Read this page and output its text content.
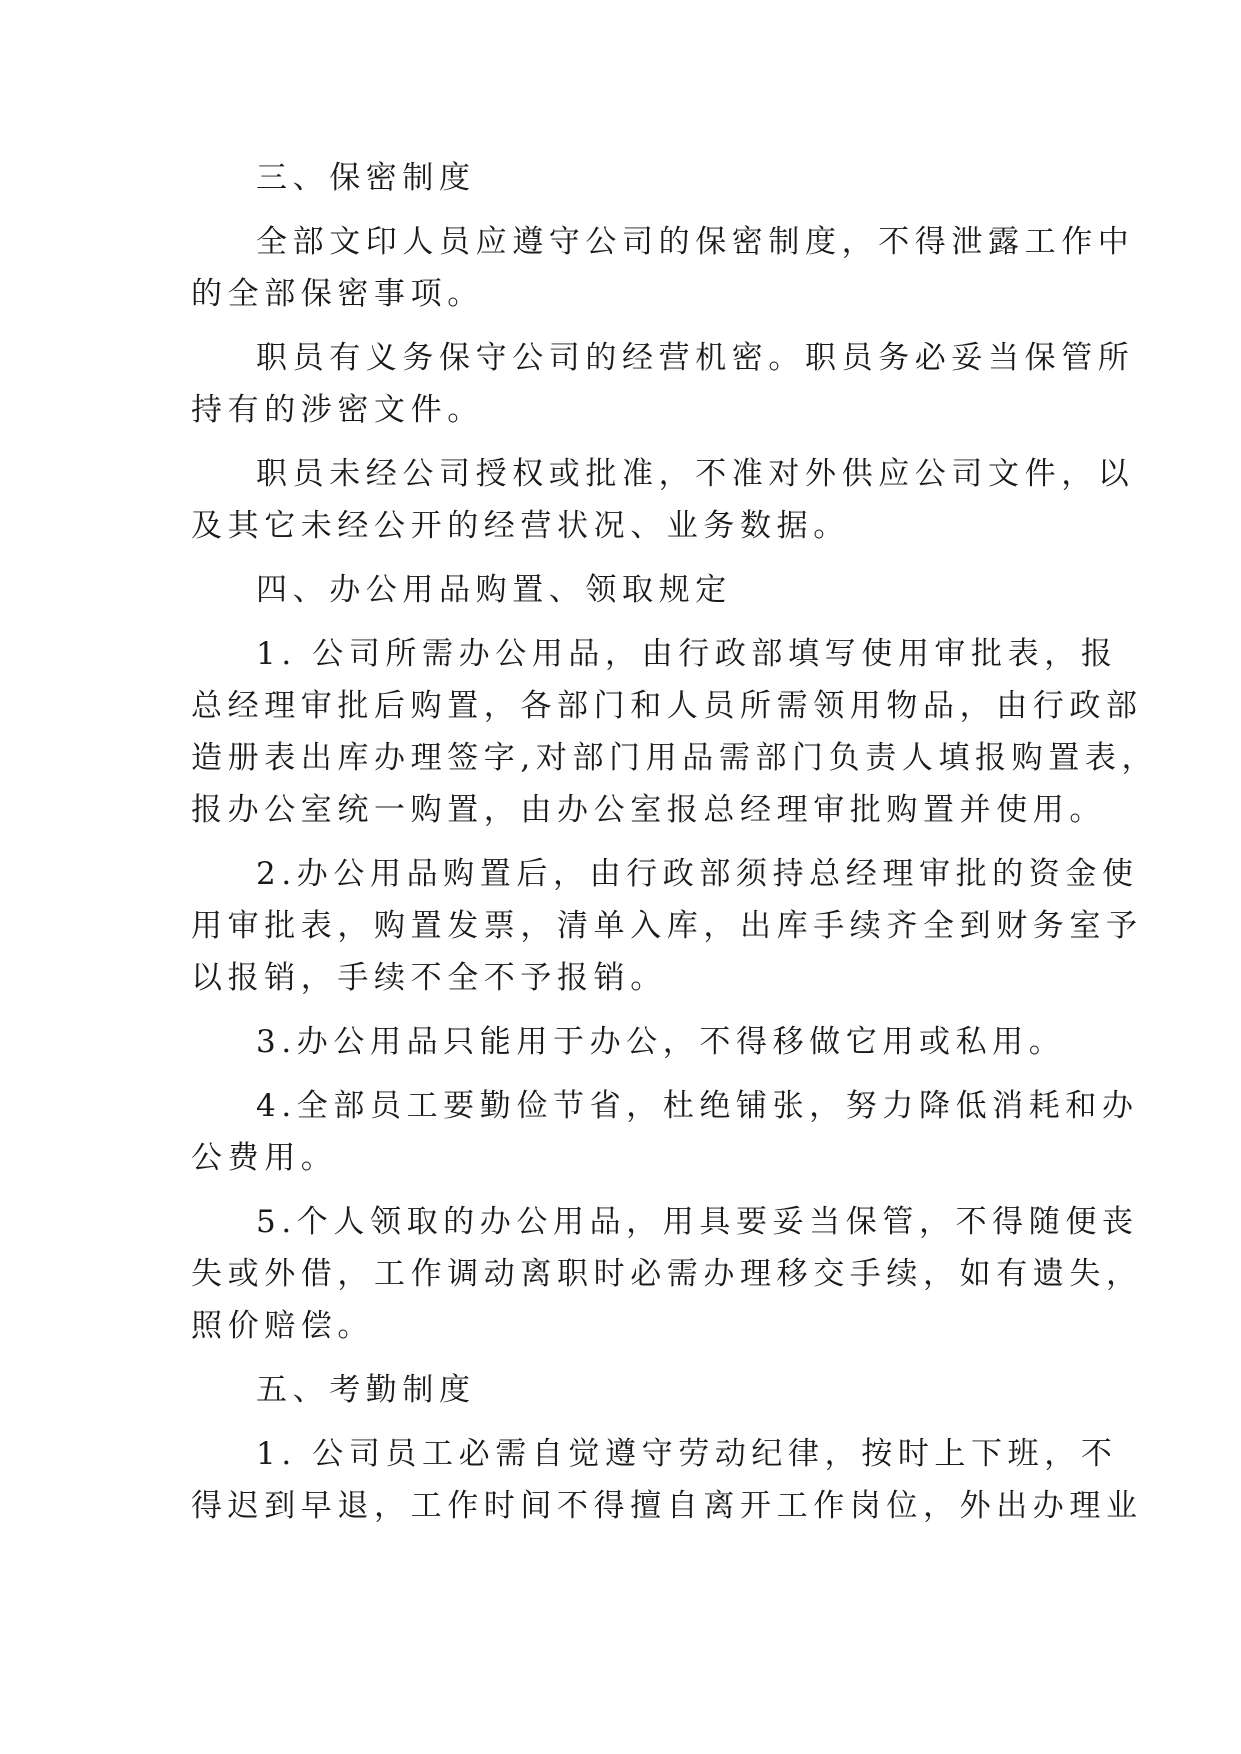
三、保密制度
全部文印人员应遵守公司的保密制度，不得泄露工作中
的全部保密事项。
职员有义务保守公司的经营机密。职员务必妥当保管所
持有的涉密文件。
职员未经公司授权或批准，不准对外供应公司文件，以
及其它未经公开的经营状况、业务数据。
四、办公用品购置、领取规定
1. 公司所需办公用品，由行政部填写使用审批表，报
总经理审批后购置，各部门和人员所需领用物品，由行政部
造册表出库办理签字,对部门用品需部门负责人填报购置表，
报办公室统一购置，由办公室报总经理审批购置并使用。
2.办公用品购置后，由行政部须持总经理审批的资金使
用审批表，购置发票，清单入库，出库手续齐全到财务室予
以报销，手续不全不予报销。
3.办公用品只能用于办公，不得移做它用或私用。
4.全部员工要勤俭节省，杜绝铺张，努力降低消耗和办
公费用。
5.个人领取的办公用品，用具要妥当保管，不得随便丧
失或外借，工作调动离职时必需办理移交手续，如有遗失，
照价赔偿。
五、考勤制度
1. 公司员工必需自觉遵守劳动纪律，按时上下班，不
得迟到早退，工作时间不得擅自离开工作岗位，外出办理业
